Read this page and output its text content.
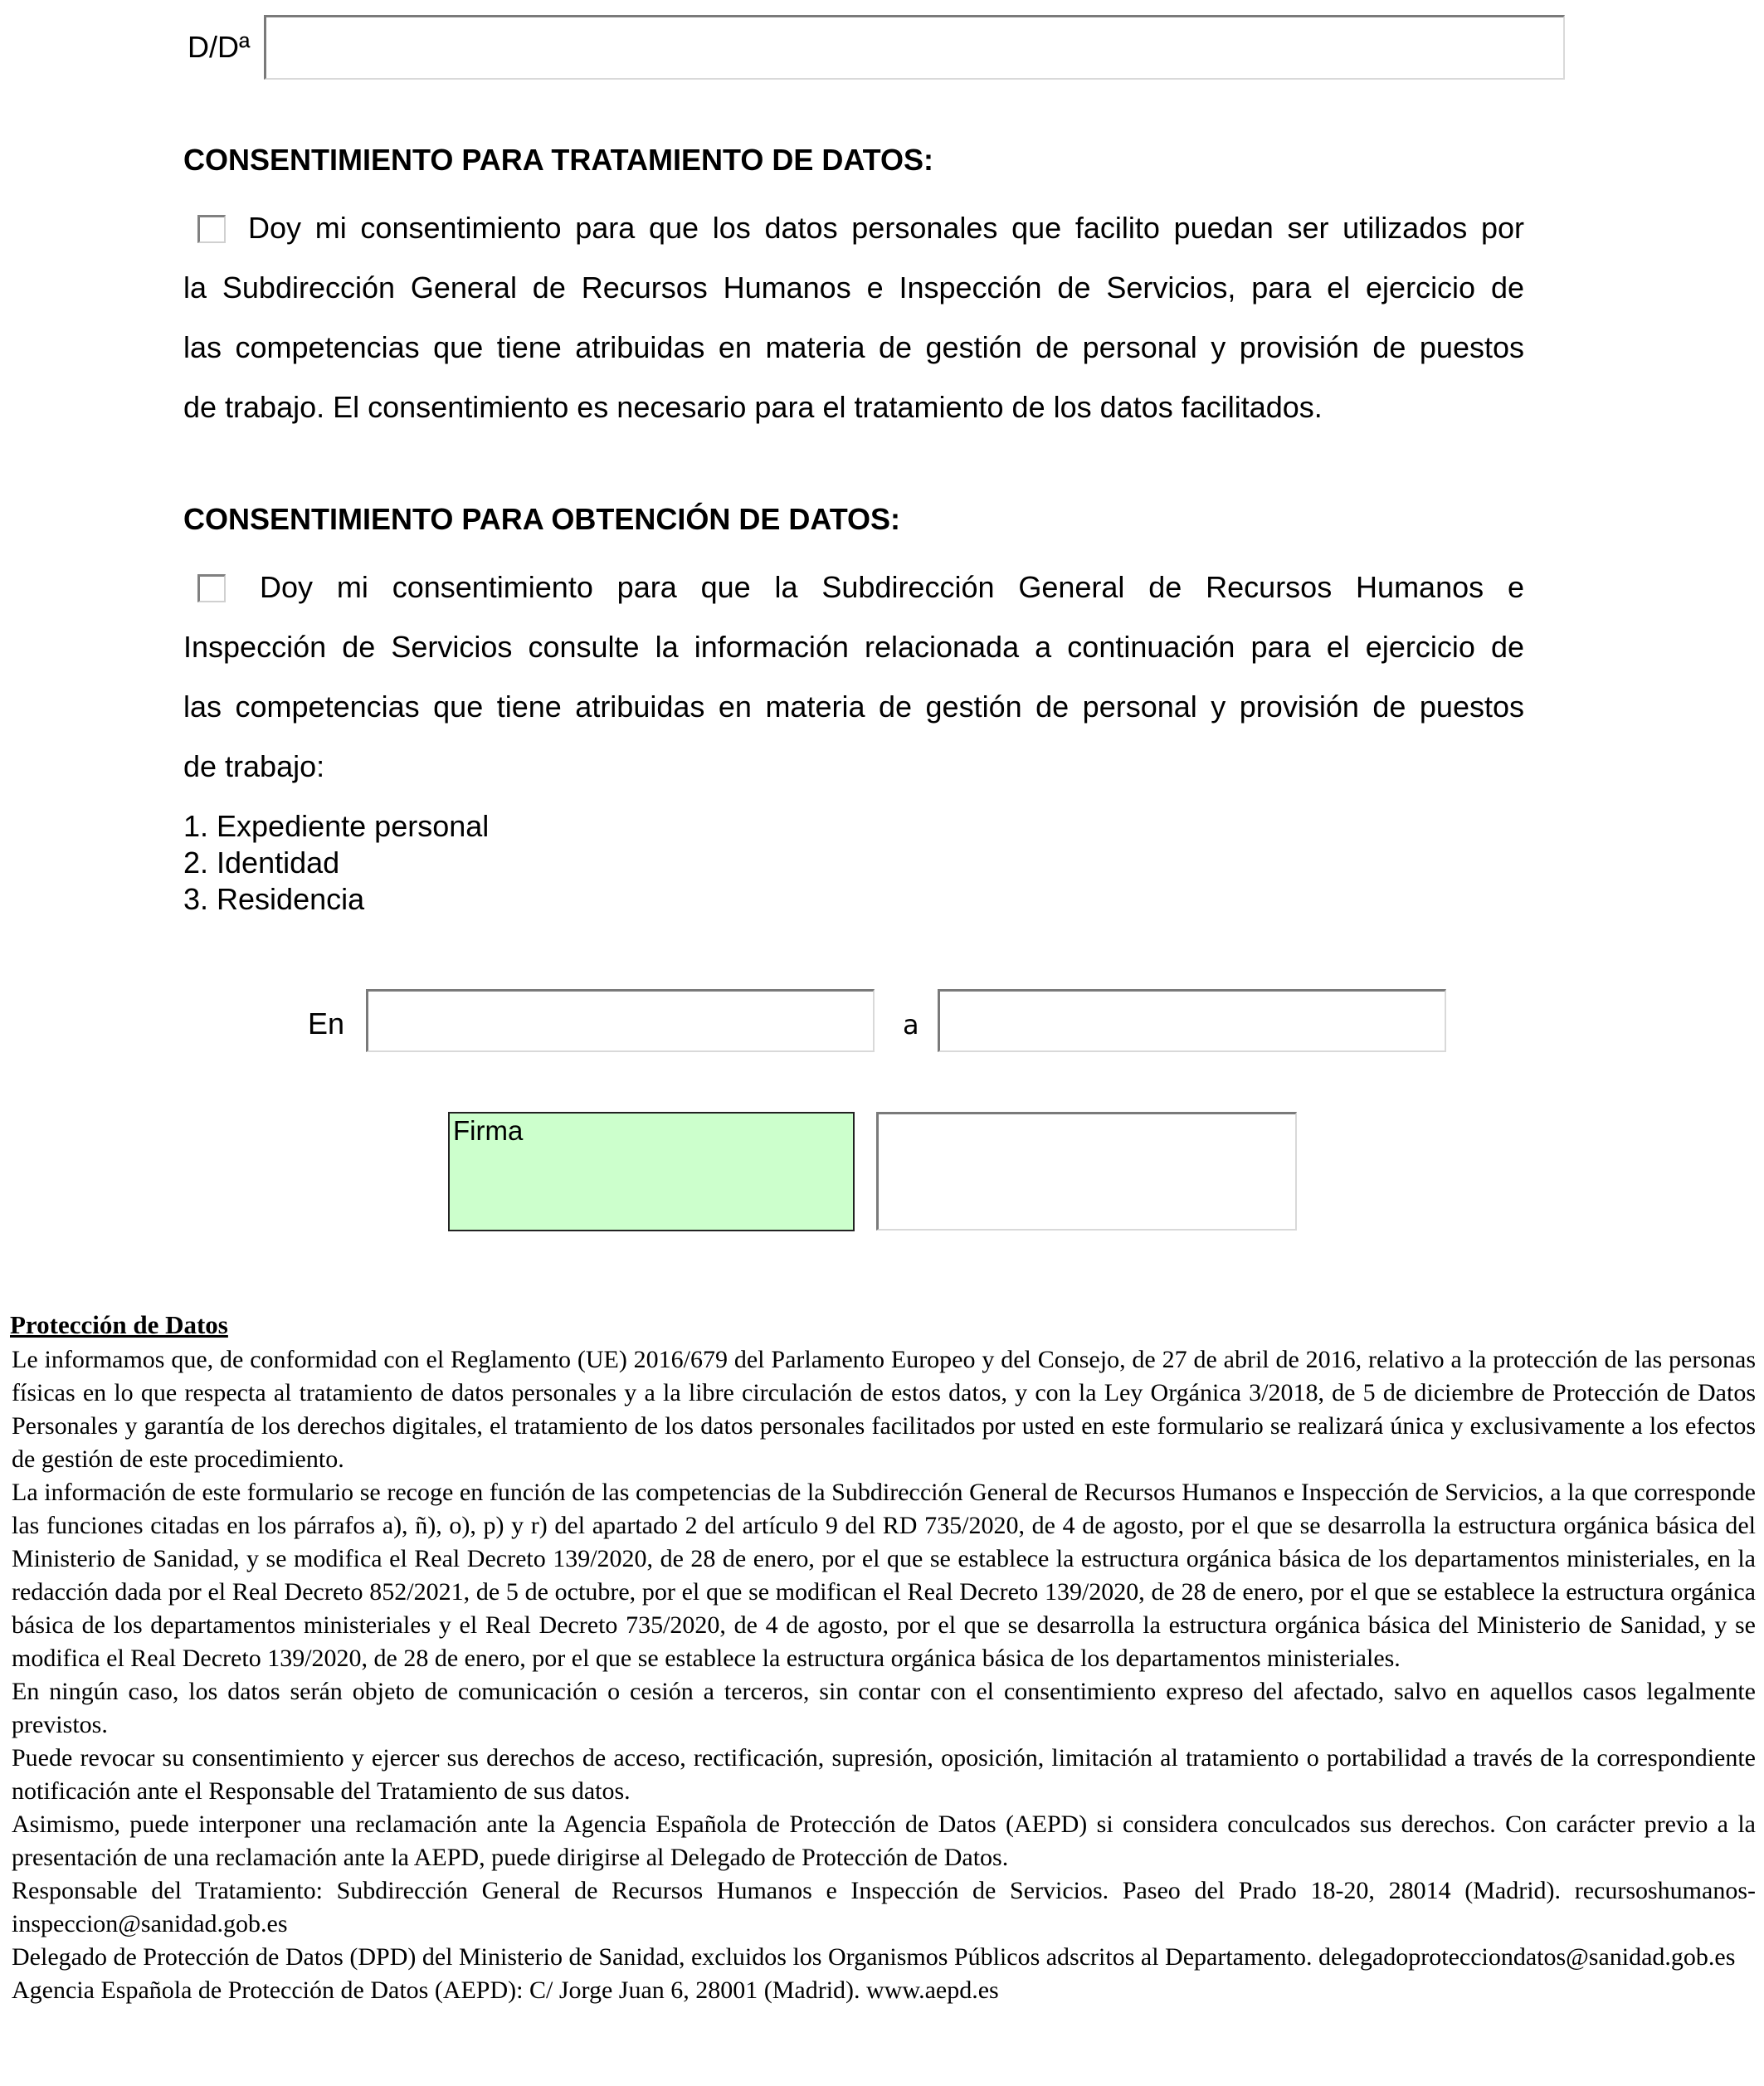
D/Dª
CONSENTIMIENTO PARA TRATAMIENTO DE DATOS:
Doy mi consentimiento para que los datos personales que facilito puedan ser utilizados por
la Subdirección General de Recursos Humanos e Inspección de Servicios, para el ejercicio de
las competencias que tiene atribuidas en materia de gestión de personal y provisión de puestos
de trabajo. El consentimiento es necesario para el tratamiento de los datos facilitados.
CONSENTIMIENTO PARA OBTENCIÓN DE DATOS:
Doy mi consentimiento para que la Subdirección General de Recursos Humanos e
Inspección de Servicios consulte la información relacionada a continuación para el ejercicio de
las competencias que tiene atribuidas en materia de gestión de personal y provisión de puestos
de trabajo:
1. Expediente personal
2. Identidad
3. Residencia
En	a
Firma
Protección de Datos

Le informamos que, de conformidad con el Reglamento (UE) 2016/679 del Parlamento Europeo y del Consejo, de 27 de abril de 2016, relativo a la protección de las personas físicas en lo que respecta al tratamiento de datos personales y a la libre circulación de estos datos, y con la Ley Orgánica 3/2018, de 5 de diciembre de Protección de Datos Personales y garantía de los derechos digitales, el tratamiento de los datos personales facilitados por usted en este formulario se realizará única y exclusivamente a los efectos de gestión de este procedimiento.

La información de este formulario se recoge en función de las competencias de la Subdirección General de Recursos Humanos e Inspección de Servicios, a la que corresponde las funciones citadas en los párrafos a), ñ), o), p) y r) del apartado 2 del artículo 9 del RD 735/2020, de 4 de agosto, por el que se desarrolla la estructura orgánica básica del Ministerio de Sanidad, y se modifica el Real Decreto 139/2020, de 28 de enero, por el que se establece la estructura orgánica básica de los departamentos ministeriales, en la redacción dada por el Real Decreto 852/2021, de 5 de octubre, por el que se modifican el Real Decreto 139/2020, de 28 de enero, por el que se establece la estructura orgánica básica de los departamentos ministeriales y el Real Decreto 735/2020, de 4 de agosto, por el que se desarrolla la estructura orgánica básica del Ministerio de Sanidad, y se modifica el Real Decreto 139/2020, de 28 de enero, por el que se establece la estructura orgánica básica de los departamentos ministeriales.

En ningún caso, los datos serán objeto de comunicación o cesión a terceros, sin contar con el consentimiento expreso del afectado, salvo en aquellos casos legalmente previstos.

Puede revocar su consentimiento y ejercer sus derechos de acceso, rectificación, supresión, oposición, limitación al tratamiento o portabilidad a través de la correspondiente notificación ante el Responsable del Tratamiento de sus datos.

Asimismo, puede interponer una reclamación ante la Agencia Española de Protección de Datos (AEPD) si considera conculcados sus derechos. Con carácter previo a la presentación de una reclamación ante la AEPD, puede dirigirse al Delegado de Protección de Datos.

Responsable del Tratamiento: Subdirección General de Recursos Humanos e Inspección de Servicios. Paseo del Prado 18-20, 28014 (Madrid). recursoshumanos-inspeccion@sanidad.gob.es

Delegado de Protección de Datos (DPD) del Ministerio de Sanidad, excluidos los Organismos Públicos adscritos al Departamento. delegadoprotecciondatos@sanidad.gob.es

Agencia Española de Protección de Datos (AEPD): C/ Jorge Juan 6, 28001 (Madrid). www.aepd.es
